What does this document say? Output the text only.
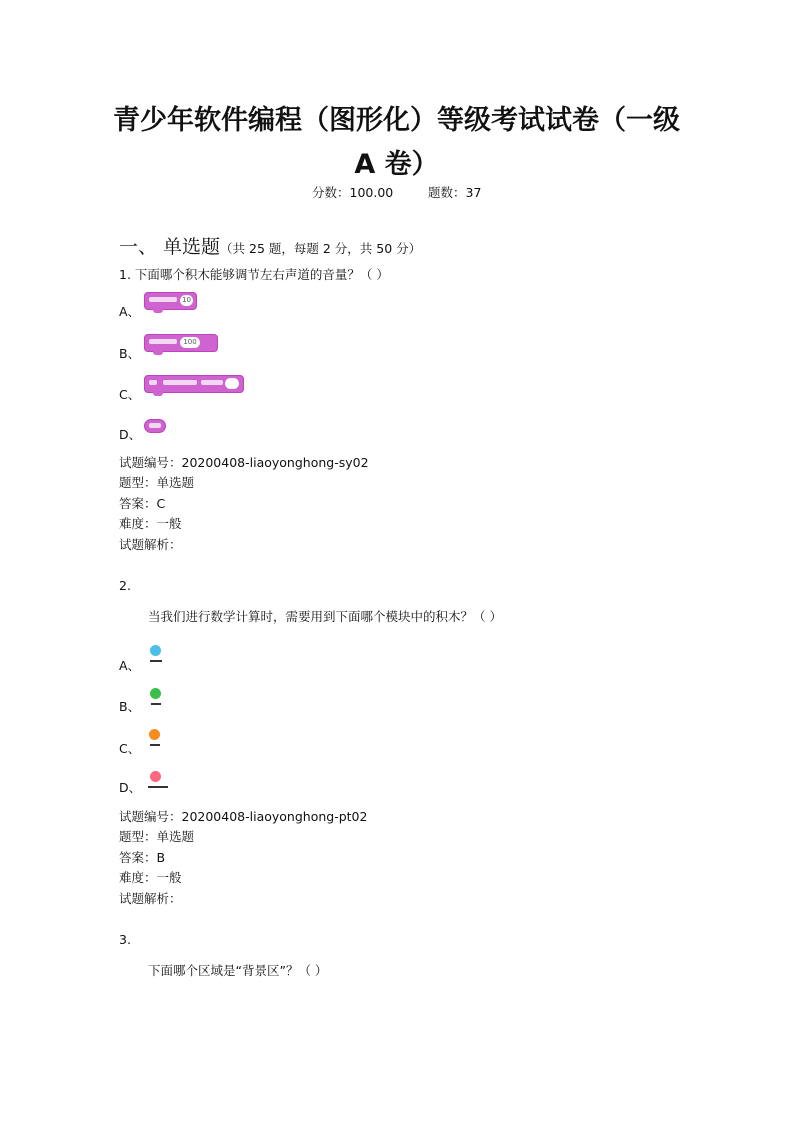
青少年软件编程（图形化）等级考试试卷（一级
A 卷）
分数：100.00	题数：37
一、 单选题（共 25 题，每题 2 分，共 50 分）
1. 下面哪个积木能够调节左右声道的音量？（ ）
A、
10
B、
100
C、
D、
试题编号：20200408-liaoyonghong-sy02
题型：单选题
答案：C
难度：一般
试题解析：
2.
当我们进行数学计算时，需要用到下面哪个模块中的积木？（ ）
A、
B、
C、
D、
试题编号：20200408-liaoyonghong-pt02
题型：单选题
答案：B
难度：一般
试题解析：
3.
下面哪个区域是“背景区”？（ ）
